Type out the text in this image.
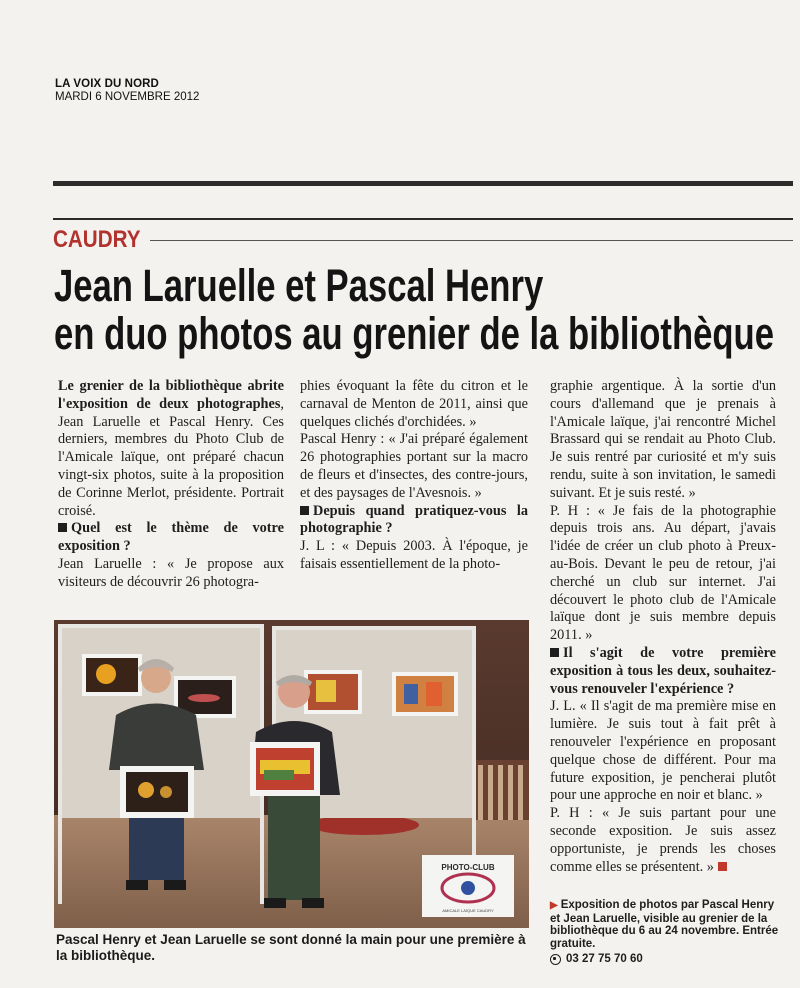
LA VOIX DU NORD
MARDI 6 NOVEMBRE 2012
CAUDRY
Jean Laruelle et Pascal Henry
en duo photos au grenier de la bibliothèque

Le grenier de la bibliothèque abrite l'exposition de deux photographes, Jean Laruelle et Pascal Henry. Ces derniers, membres du Photo Club de l'Amicale laïque, ont préparé chacun vingt-six photos, suite à la proposition de Corinne Merlot, présidente. Portrait croisé.

Quel est le thème de votre exposition ?

Jean Laruelle : « Je propose aux visiteurs de découvrir 26 photogra-

phies évoquant la fête du citron et le carnaval de Menton de 2011, ainsi que quelques clichés d'orchidées. »

Pascal Henry : « J'ai préparé également 26 photographies portant sur la macro de fleurs et d'insectes, des contre-jours, et des paysages de l'Avesnois. »

Depuis quand pratiquez-vous la photographie ?

J. L : « Depuis 2003. À l'époque, je faisais essentiellement de la photo-

graphie argentique. À la sortie d'un cours d'allemand que je prenais à l'Amicale laïque, j'ai rencontré Michel Brassard qui se rendait au Photo Club. Je suis rentré par curiosité et m'y suis rendu, suite à son invitation, le samedi suivant. Et je suis resté. »

P. H : « Je fais de la photographie depuis trois ans. Au départ, j'avais l'idée de créer un club photo à Preux-au-Bois. Devant le peu de retour, j'ai cherché un club sur internet. J'ai découvert le photo club de l'Amicale laïque dont je suis membre depuis 2011. »

Il s'agit de votre première exposition à tous les deux, souhaitez-vous renouveler l'expérience ?

J. L. « Il s'agit de ma première mise en lumière. Je suis tout à fait prêt à renouveler l'expérience en proposant quelque chose de différent. Pour ma future exposition, je pencherai plutôt pour une approche en noir et blanc. »

P. H : « Je suis partant pour une seconde exposition. Je suis assez opportuniste, je prends les choses comme elles se présentent. »

PHOTO-CLUB
AMICALE LAÏQUE CAUDRY
Pascal Henry et Jean Laruelle se sont donné la main pour une première à la bibliothèque.
▶ Exposition de photos par Pascal Henry et Jean Laruelle, visible au grenier de la bibliothèque du 6 au 24 novembre. Entrée gratuite.
03 27 75 70 60
